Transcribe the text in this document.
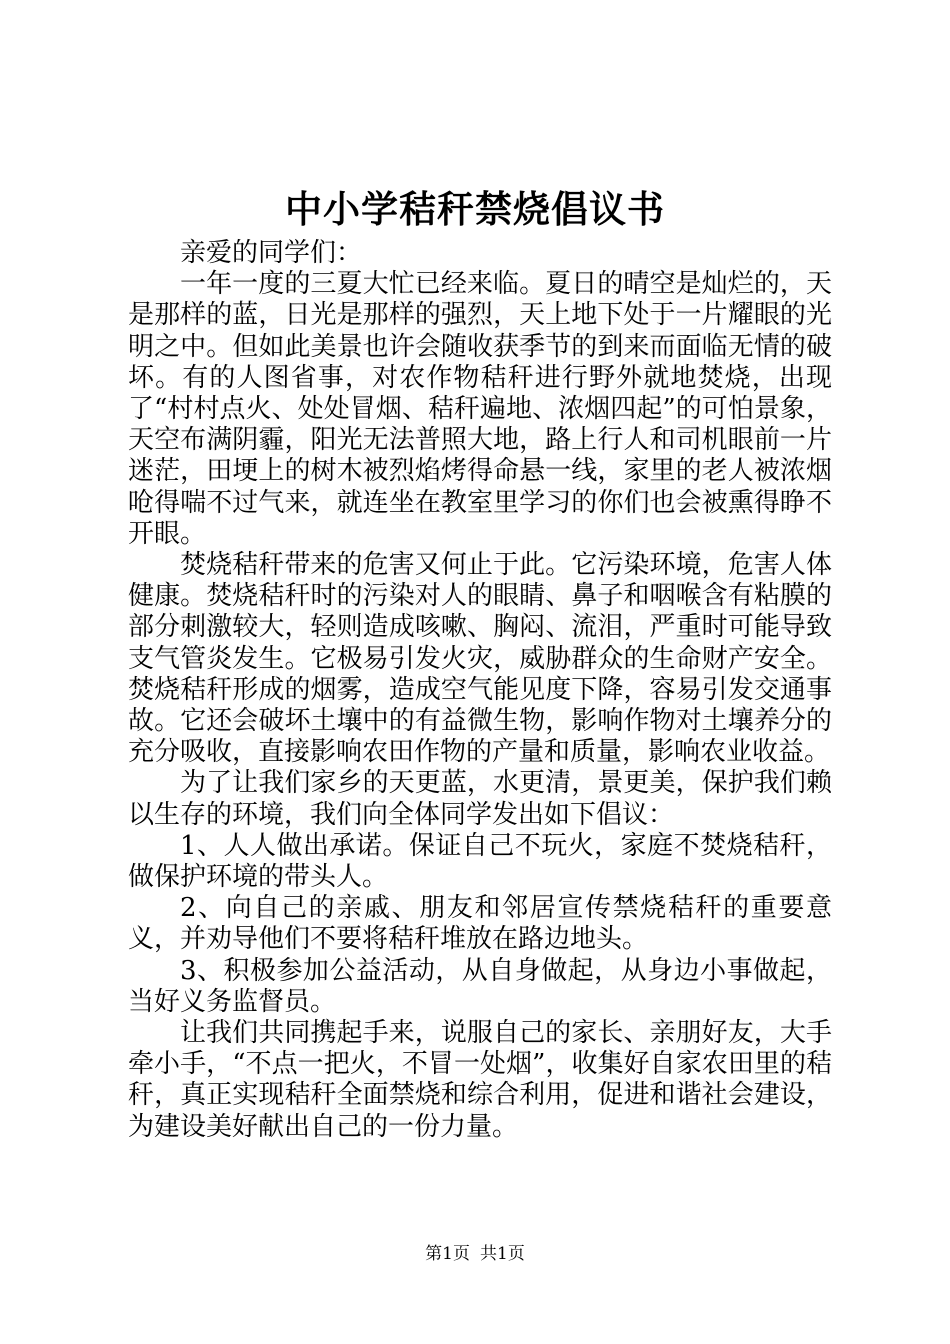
中小学秸秆禁烧倡议书

亲爱的同学们：

一年一度的三夏大忙已经来临。夏日的晴空是灿烂的，天是那样的蓝，日光是那样的强烈，天上地下处于一片耀眼的光明之中。但如此美景也许会随收获季节的到来而面临无情的破坏。有的人图省事，对农作物秸秆进行野外就地焚烧，出现了“村村点火、处处冒烟、秸秆遍地、浓烟四起”的可怕景象，天空布满阴霾，阳光无法普照大地，路上行人和司机眼前一片迷茫，田埂上的树木被烈焰烤得命悬一线，家里的老人被浓烟呛得喘不过气来，就连坐在教室里学习的你们也会被熏得睁不开眼。

焚烧秸秆带来的危害又何止于此。它污染环境，危害人体健康。焚烧秸秆时的污染对人的眼睛、鼻子和咽喉含有粘膜的部分刺激较大，轻则造成咳嗽、胸闷、流泪，严重时可能导致支气管炎发生。它极易引发火灾，威胁群众的生命财产安全。焚烧秸秆形成的烟雾，造成空气能见度下降，容易引发交通事故。它还会破坏土壤中的有益微生物，影响作物对土壤养分的充分吸收，直接影响农田作物的产量和质量，影响农业收益。

为了让我们家乡的天更蓝，水更清，景更美，保护我们赖以生存的环境，我们向全体同学发出如下倡议：

1、人人做出承诺。保证自己不玩火，家庭不焚烧秸秆，做保护环境的带头人。

2、向自己的亲戚、朋友和邻居宣传禁烧秸秆的重要意义，并劝导他们不要将秸秆堆放在路边地头。

3、积极参加公益活动，从自身做起，从身边小事做起，当好义务监督员。

让我们共同携起手来，说服自己的家长、亲朋好友，大手牵小手，“不点一把火，不冒一处烟”，收集好自家农田里的秸秆，真正实现秸秆全面禁烧和综合利用，促进和谐社会建设，为建设美好献出自己的一份力量。

第1页 共1页
